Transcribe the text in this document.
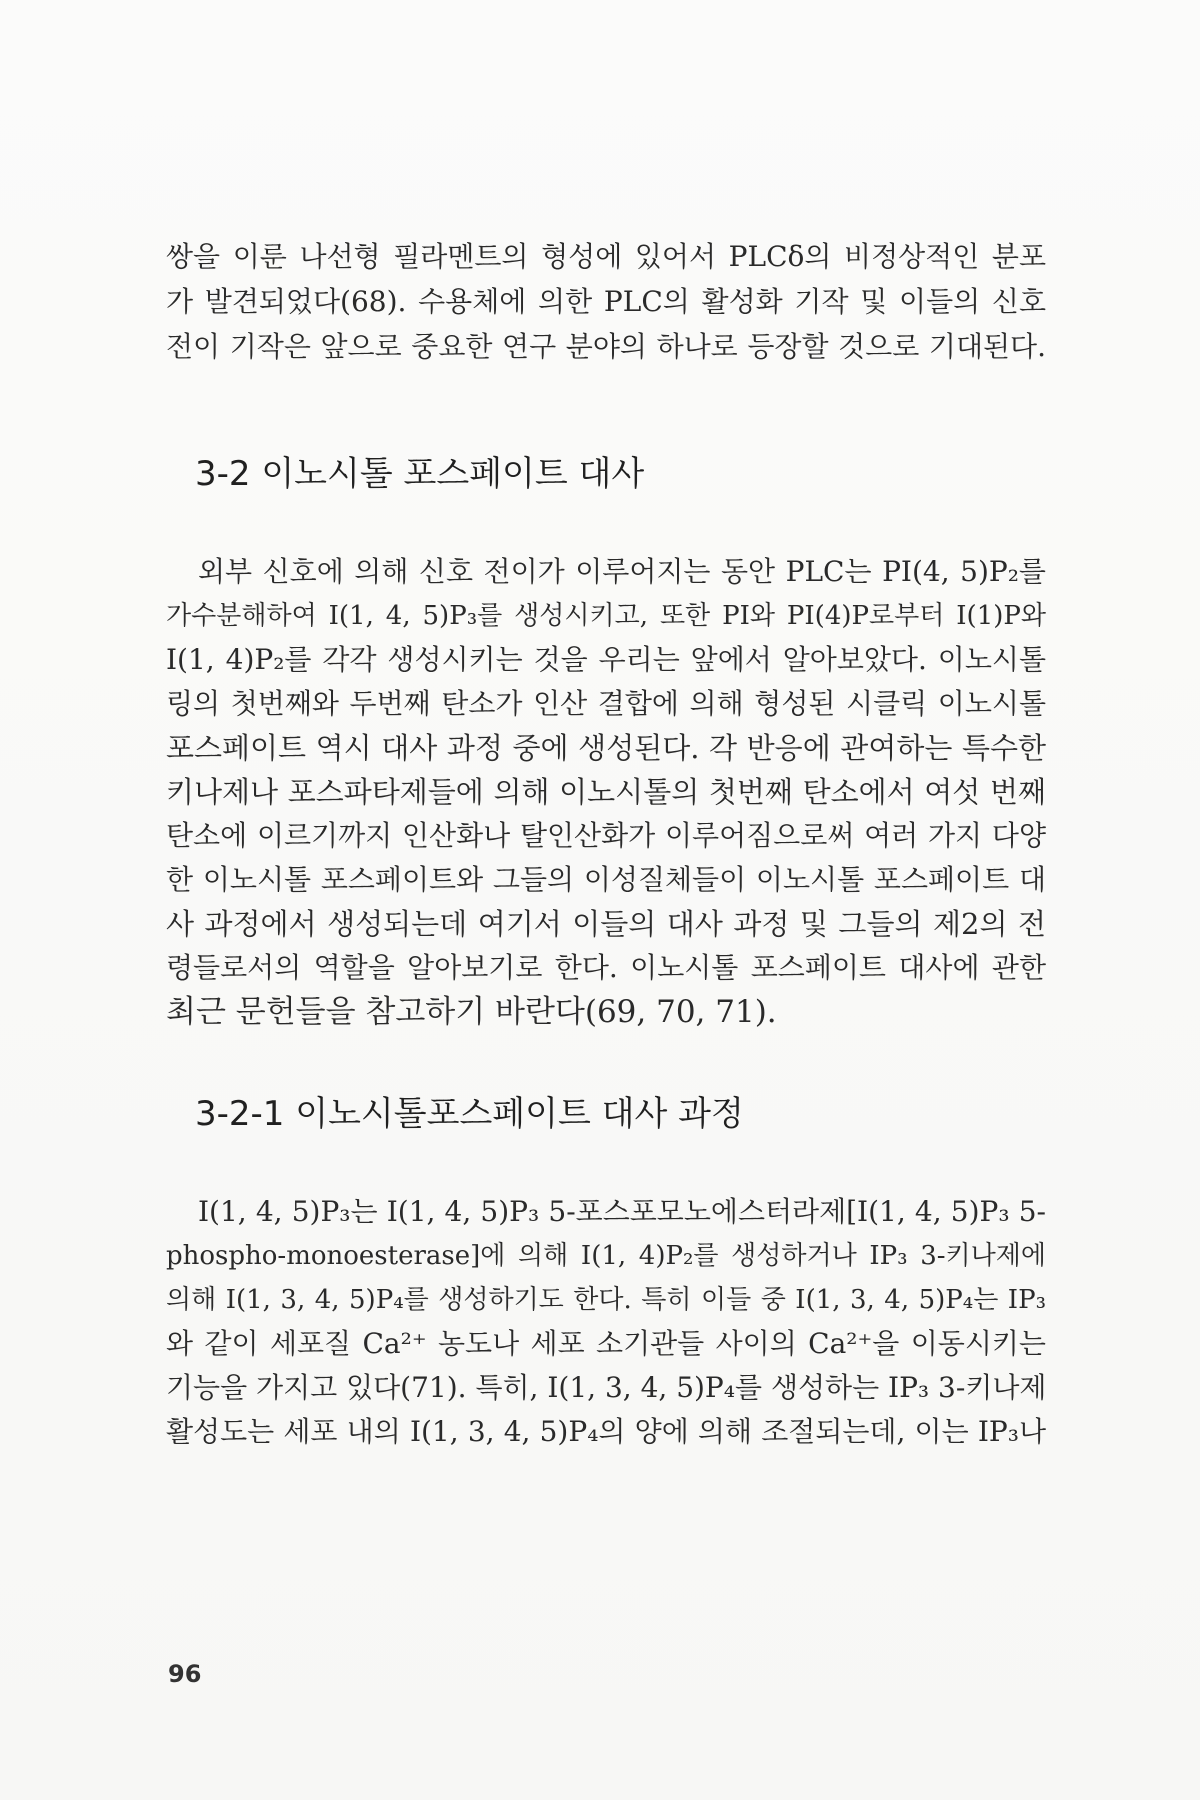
쌍을 이룬 나선형 필라멘트의 형성에 있어서 PLCδ의 비정상적인 분포
가 발견되었다(68). 수용체에 의한 PLC의 활성화 기작 및 이들의 신호
전이 기작은 앞으로 중요한 연구 분야의 하나로 등장할 것으로 기대된다.
3-2 이노시톨 포스페이트 대사
외부 신호에 의해 신호 전이가 이루어지는 동안 PLC는 PI(4, 5)P₂를
가수분해하여 I(1, 4, 5)P₃를 생성시키고, 또한 PI와 PI(4)P로부터 I(1)P와
I(1, 4)P₂를 각각 생성시키는 것을 우리는 앞에서 알아보았다. 이노시톨
링의 첫번째와 두번째 탄소가 인산 결합에 의해 형성된 시클릭 이노시톨
포스페이트 역시 대사 과정 중에 생성된다. 각 반응에 관여하는 특수한
키나제나 포스파타제들에 의해 이노시톨의 첫번째 탄소에서 여섯 번째
탄소에 이르기까지 인산화나 탈인산화가 이루어짐으로써 여러 가지 다양
한 이노시톨 포스페이트와 그들의 이성질체들이 이노시톨 포스페이트 대
사 과정에서 생성되는데 여기서 이들의 대사 과정 및 그들의 제2의 전
령들로서의 역할을 알아보기로 한다. 이노시톨 포스페이트 대사에 관한
최근 문헌들을 참고하기 바란다(69, 70, 71).
3-2-1 이노시톨포스페이트 대사 과정
I(1, 4, 5)P₃는 I(1, 4, 5)P₃ 5-포스포모노에스터라제[I(1, 4, 5)P₃ 5-
phospho-monoesterase]에 의해 I(1, 4)P₂를 생성하거나 IP₃ 3-키나제에
의해 I(1, 3, 4, 5)P₄를 생성하기도 한다. 특히 이들 중 I(1, 3, 4, 5)P₄는 IP₃
와 같이 세포질 Ca²⁺ 농도나 세포 소기관들 사이의 Ca²⁺을 이동시키는
기능을 가지고 있다(71). 특히, I(1, 3, 4, 5)P₄를 생성하는 IP₃ 3-키나제
활성도는 세포 내의 I(1, 3, 4, 5)P₄의 양에 의해 조절되는데, 이는 IP₃나
96
